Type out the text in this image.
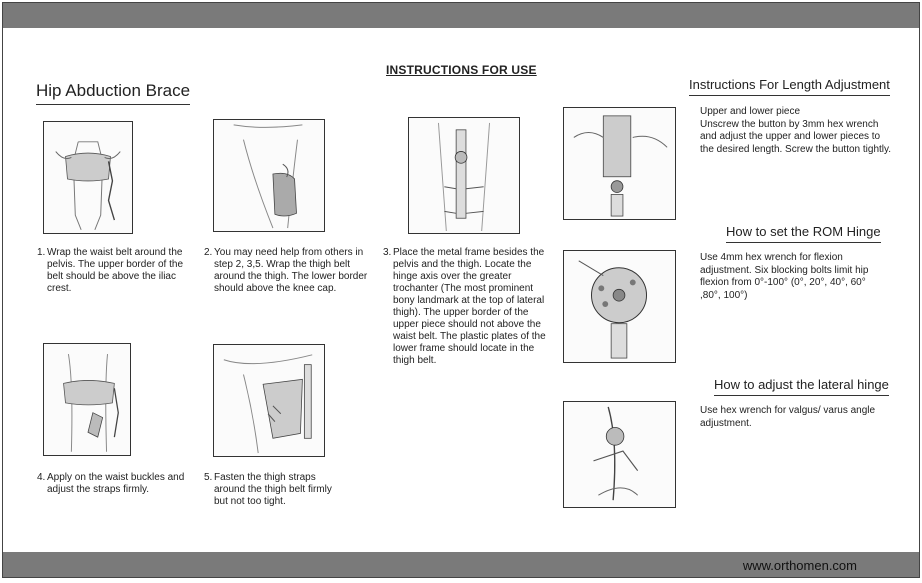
INSTRUCTIONS FOR USE
Hip Abduction Brace
1. Wrap the waist belt around the pelvis. The upper border of the belt should be above the iliac crest.
2. You may need help from others in step 2, 3,5. Wrap the thigh belt around the thigh. The lower border should above the knee cap.
3. Place the metal frame besides the pelvis and the thigh. Locate the hinge axis over the greater trochanter (The most prominent bony landmark at the top of lateral thigh). The upper border of the upper piece should not above the waist belt. The plastic plates of the lower frame should locate in the thigh belt.
4. Apply on the waist buckles and adjust the straps firmly.
5. Fasten the thigh straps around the thigh belt firmly but not too tight.
Instructions For Length Adjustment
Upper and lower piece
Unscrew the button by 3mm hex wrench and adjust the upper and lower pieces to the desired length. Screw the button tightly.
How to set the ROM Hinge
Use 4mm hex wrench for flexion adjustment. Six blocking bolts limit hip flexion from 0°-100° (0°, 20°, 40°, 60° ,80°, 100°)
How to adjust the lateral hinge
Use hex wrench for valgus/ varus angle adjustment.
www.orthomen.com
